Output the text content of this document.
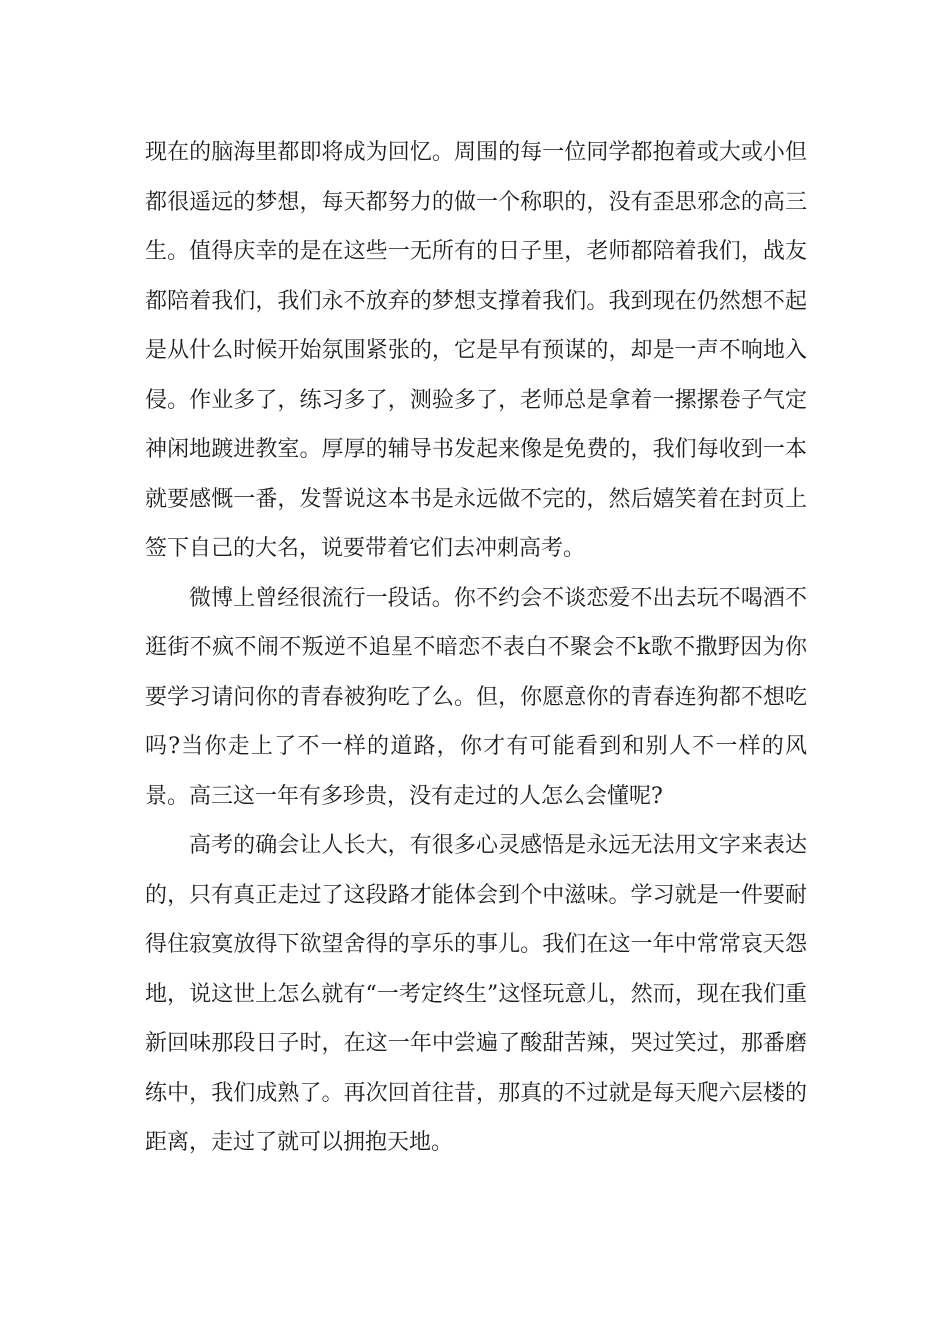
现在的脑海里都即将成为回忆。周围的每一位同学都抱着或大或小但都很遥远的梦想，每天都努力的做一个称职的，没有歪思邪念的高三生。值得庆幸的是在这些一无所有的日子里，老师都陪着我们，战友都陪着我们，我们永不放弃的梦想支撑着我们。我到现在仍然想不起是从什么时候开始氛围紧张的，它是早有预谋的，却是一声不响地入侵。作业多了，练习多了，测验多了，老师总是拿着一摞摞卷子气定神闲地踱进教室。厚厚的辅导书发起来像是免费的，我们每收到一本就要感慨一番，发誓说这本书是永远做不完的，然后嬉笑着在封页上签下自己的大名，说要带着它们去冲刺高考。

微博上曾经很流行一段话。你不约会不谈恋爱不出去玩不喝酒不逛街不疯不闹不叛逆不追星不暗恋不表白不聚会不k歌不撒野因为你要学习请问你的青春被狗吃了么。但，你愿意你的青春连狗都不想吃吗?当你走上了不一样的道路，你才有可能看到和别人不一样的风景。高三这一年有多珍贵，没有走过的人怎么会懂呢?

高考的确会让人长大，有很多心灵感悟是永远无法用文字来表达的，只有真正走过了这段路才能体会到个中滋味。学习就是一件要耐得住寂寞放得下欲望舍得的享乐的事儿。我们在这一年中常常哀天怨地，说这世上怎么就有“一考定终生”这怪玩意儿，然而，现在我们重新回味那段日子时，在这一年中尝遍了酸甜苦辣，哭过笑过，那番磨练中，我们成熟了。再次回首往昔，那真的不过就是每天爬六层楼的距离，走过了就可以拥抱天地。
